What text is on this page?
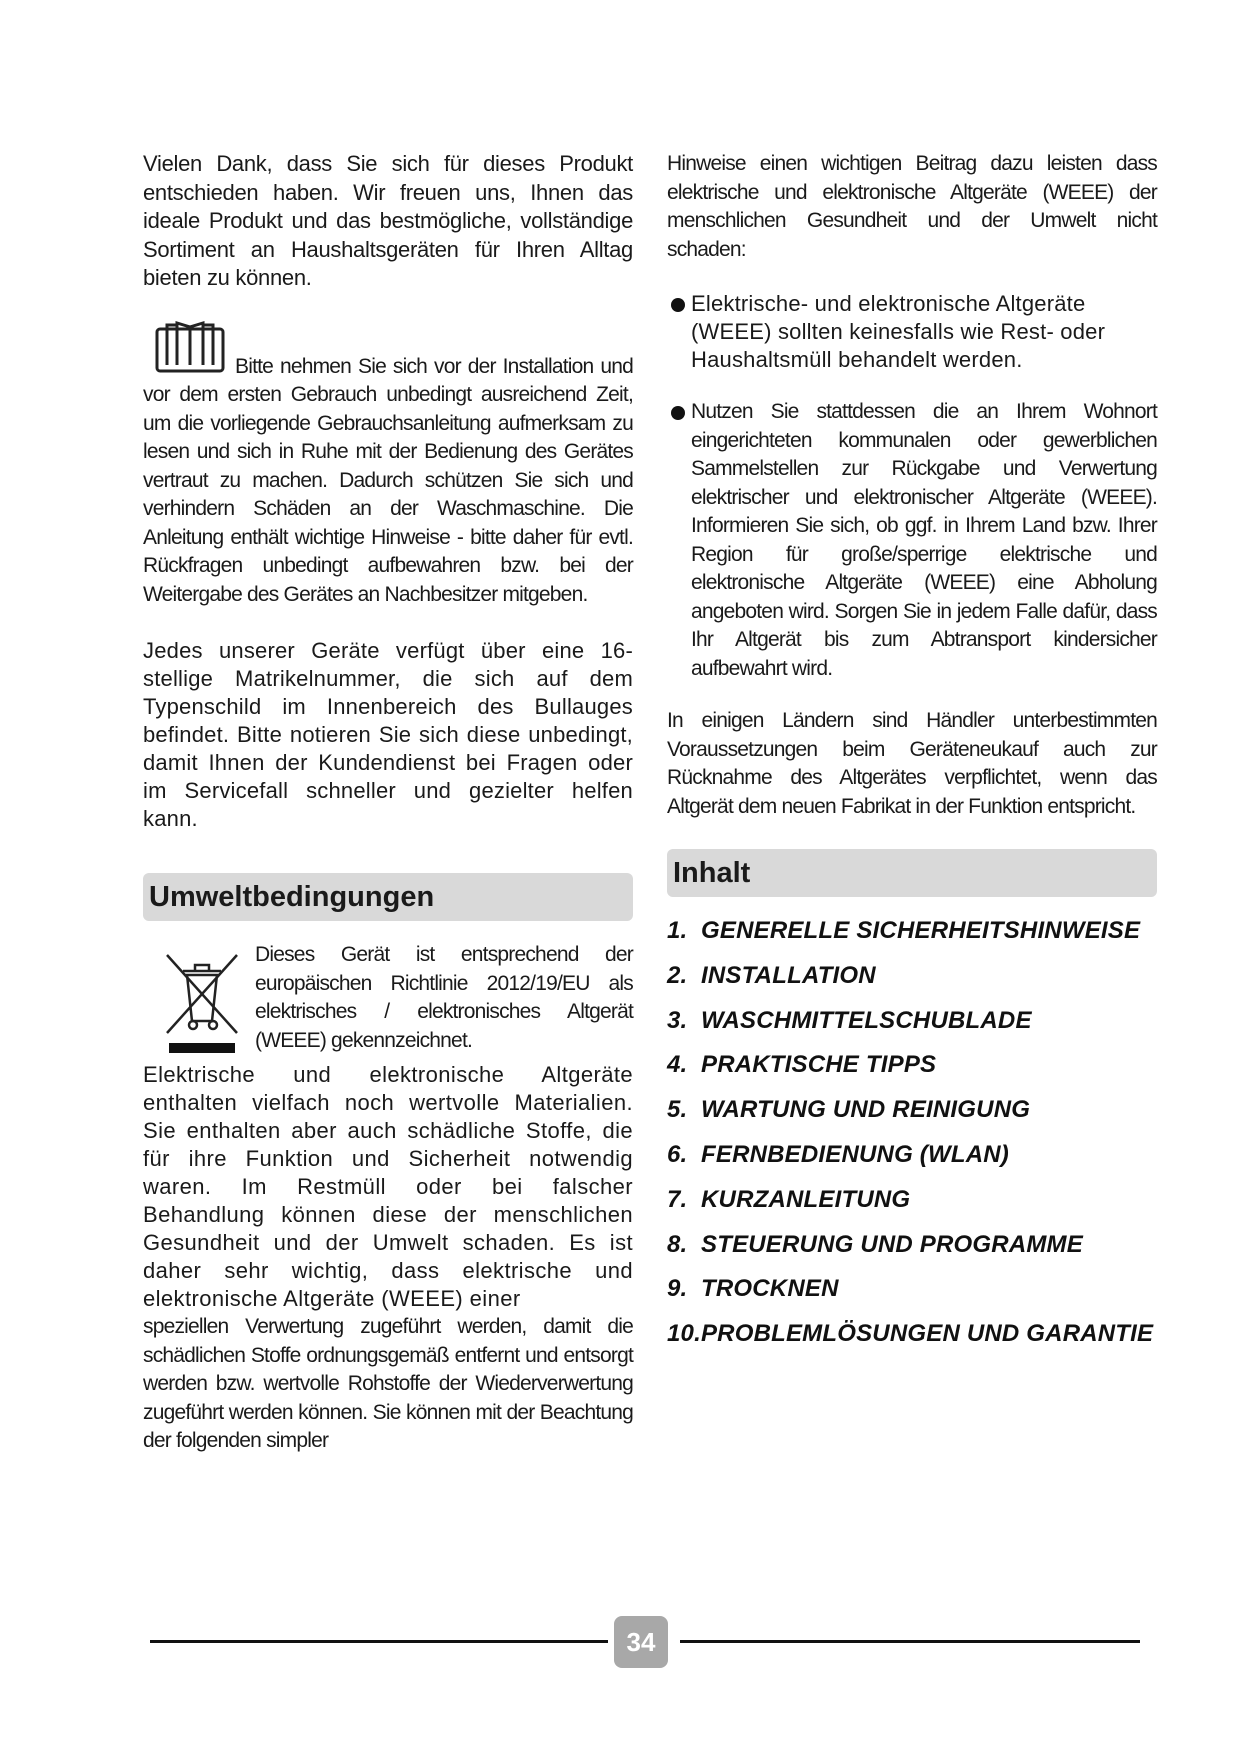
Vielen Dank, dass Sie sich für dieses Produkt entschieden haben. Wir freuen uns, Ihnen das ideale Produkt und das bestmögliche, vollständige Sortiment an Haushaltsgeräten für Ihren Alltag bieten zu können.

Bitte nehmen Sie sich vor der Installation und vor dem ersten Gebrauch unbedingt ausreichend Zeit, um die vorliegende Gebrauchsanleitung aufmerksam zu lesen und sich in Ruhe mit der Bedienung des Gerätes vertraut zu machen. Dadurch schützen Sie sich und verhindern Schäden an der Waschmaschine. Die Anleitung enthält wichtige Hinweise - bitte daher für evtl. Rückfragen unbedingt aufbewahren bzw. bei der Weitergabe des Gerätes an Nachbesitzer mitgeben.

Jedes unserer Geräte verfügt über eine 16-stellige Matrikelnummer, die sich auf dem Typenschild im Innenbereich des Bullauges befindet. Bitte notieren Sie sich diese unbedingt, damit Ihnen der Kundendienst bei Fragen oder im Servicefall schneller und gezielter helfen kann.

Umweltbedingungen

Dieses Gerät ist entsprechend der europäischen Richtlinie 2012/19/EU als elektrisches / elektronisches Altgerät (WEEE) gekennzeichnet.

Elektrische und elektronische Altgeräte enthalten vielfach noch wertvolle Materialien. Sie enthalten aber auch schädliche Stoffe, die für ihre Funktion und Sicherheit notwendig waren. Im Restmüll oder bei falscher Behandlung können diese der menschlichen Gesundheit und der Umwelt schaden. Es ist daher sehr wichtig, dass elektrische und elektronische Altgeräte (WEEE) einer

speziellen Verwertung zugeführt werden, damit die schädlichen Stoffe ordnungsgemäß entfernt und entsorgt werden bzw. wertvolle Rohstoffe der Wiederverwertung zugeführt werden können. Sie können mit der Beachtung der folgenden simpler

Hinweise einen wichtigen Beitrag dazu leisten dass elektrische und elektronische Altgeräte (WEEE) der menschlichen Gesundheit und der Umwelt nicht schaden:

Elektrische- und elektronische Altgeräte (WEEE) sollten keinesfalls wie Rest- oder Haushaltsmüll behandelt werden.

Nutzen Sie stattdessen die an Ihrem Wohnort eingerichteten kommunalen oder gewerblichen Sammelstellen zur Rückgabe und Verwertung elektrischer und elektronischer Altgeräte (WEEE). Informieren Sie sich, ob ggf. in Ihrem Land bzw. Ihrer Region für große/sperrige elektrische und elektronische Altgeräte (WEEE) eine Abholung angeboten wird. Sorgen Sie in jedem Falle dafür, dass Ihr Altgerät bis zum Abtransport kindersicher aufbewahrt wird.

In einigen Ländern sind Händler unterbestimmten Voraussetzungen beim Geräteneukauf auch zur Rücknahme des Altgerätes verpflichtet, wenn das Altgerät dem neuen Fabrikat in der Funktion entspricht.

Inhalt
1. GENERELLE SICHERHEITSHINWEISE
2. INSTALLATION
3. WASCHMITTELSCHUBLADE
4. PRAKTISCHE TIPPS
5. WARTUNG UND REINIGUNG
6. FERNBEDIENUNG (WLAN)
7. KURZANLEITUNG
8. STEUERUNG UND PROGRAMME
9. TROCKNEN
10.PROBLEMLÖSUNGEN UND GARANTIE
34
